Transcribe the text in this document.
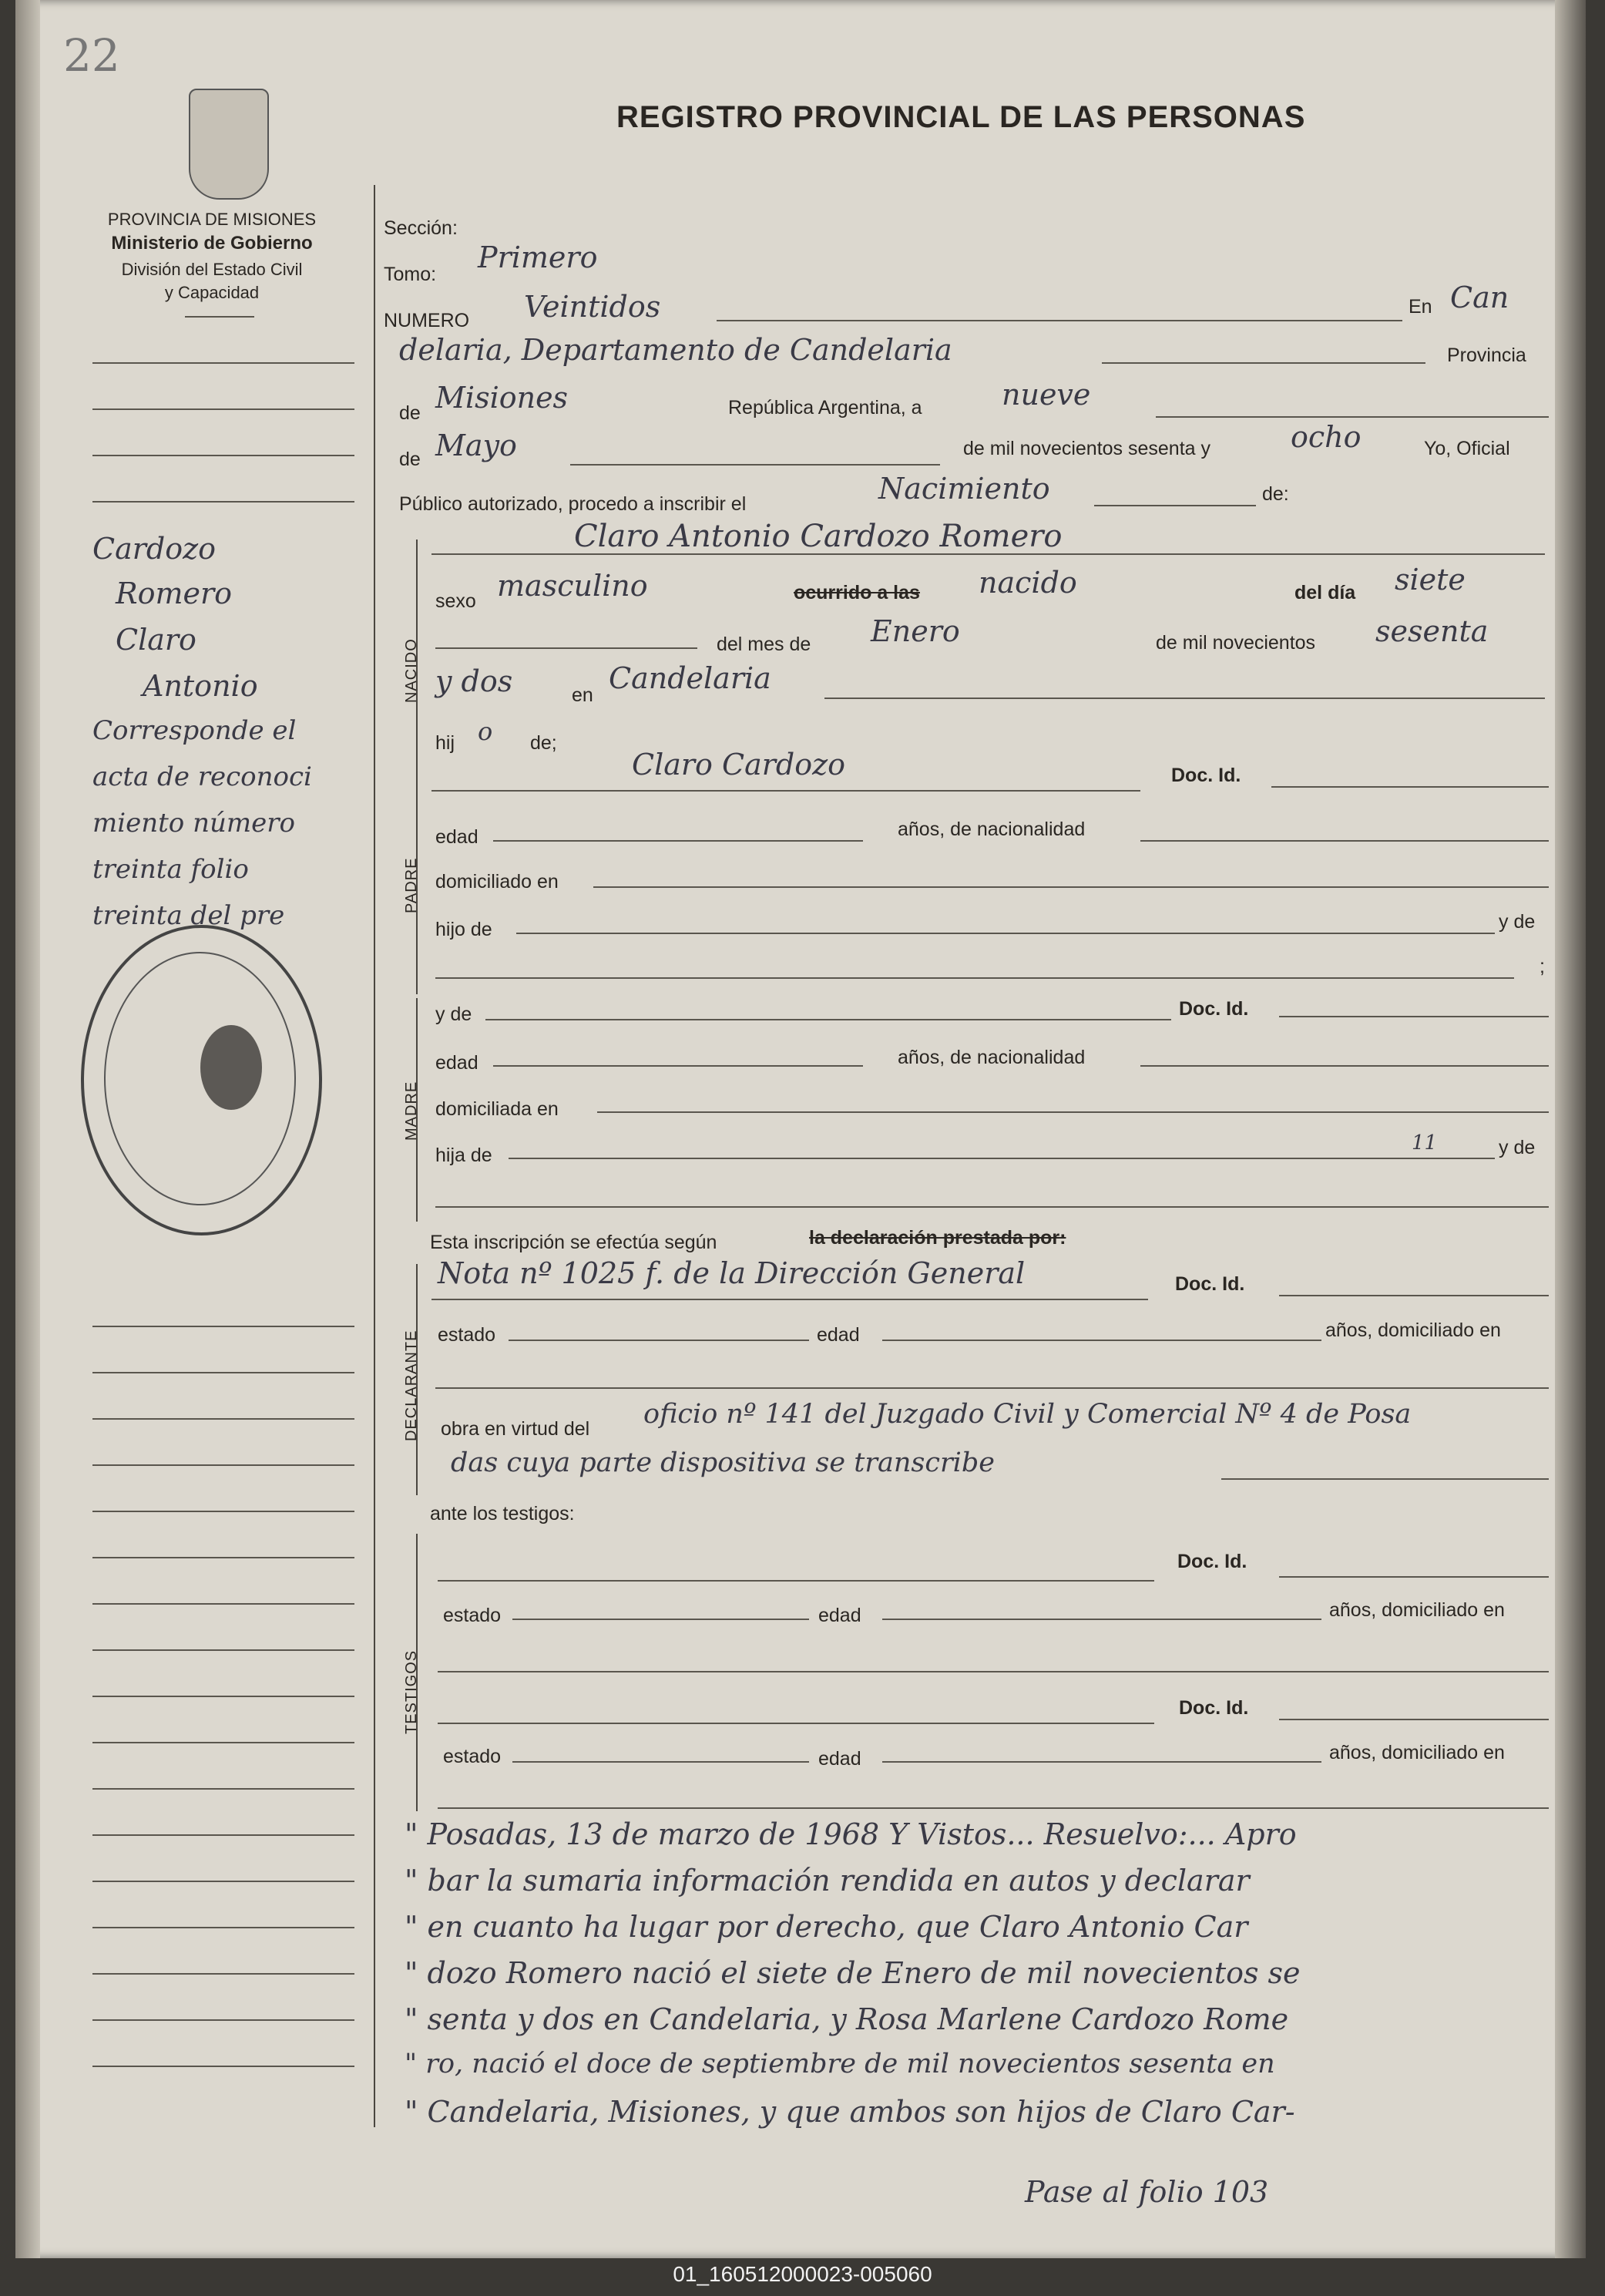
22
REGISTRO PROVINCIAL DE LAS PERSONAS
PROVINCIA DE MISIONES
Ministerio de Gobierno
División del Estado Civil
y Capacidad
Cardozo
Romero
Claro
Antonio
Corresponde el
acta de reconoci
miento número
treinta folio
treinta del pre
Sección:
Tomo: Primero
NUMERO Veintidos	En Can
delaria, Departamento de Candelaria	Provincia
de Misiones	República Argentina, a	nueve
de Mayo	de mil novecientos sesenta y	ocho	Yo, Oficial
Público autorizado, procedo a inscribir el	Nacimiento	de:
NACIDO
Claro Antonio Cardozo Romero
sexo masculino	ocurrido a las nacido	del día siete
del mes de Enero	de mil novecientos sesenta
y dos	en Candelaria
hij o de;
PADRE
Claro Cardozo	Doc. Id.
edad	años, de nacionalidad
domiciliado en
hijo de	y de
;
MADRE
y de	Doc. Id.
edad	años, de nacionalidad
domiciliada en
hija de
11	y de
Esta inscripción se efectúa según	la declaración prestada por:
DECLARANTE
Nota nº 1025 f. de la Dirección General	Doc. Id.
estado	edad	años, domiciliado en
obra en virtud del oficio nº 141 del Juzgado Civil y Comercial Nº 4 de Posa
das cuya parte dispositiva se transcribe
ante los testigos:
TESTIGOS
Doc. Id.
estado	edad	años, domiciliado en
Doc. Id.
estado	edad	años, domiciliado en
" Posadas, 13 de marzo de 1968 Y Vistos... Resuelvo:... Apro
" bar la sumaria información rendida en autos y declarar
" en cuanto ha lugar por derecho, que Claro Antonio Car
" dozo Romero nació el siete de Enero de mil novecientos se
" senta y dos en Candelaria, y Rosa Marlene Cardozo Rome
" ro, nació el doce de septiembre de mil novecientos sesenta en
" Candelaria, Misiones, y que ambos son hijos de Claro Car-
Pase al folio 103
01_160512000023-005060
